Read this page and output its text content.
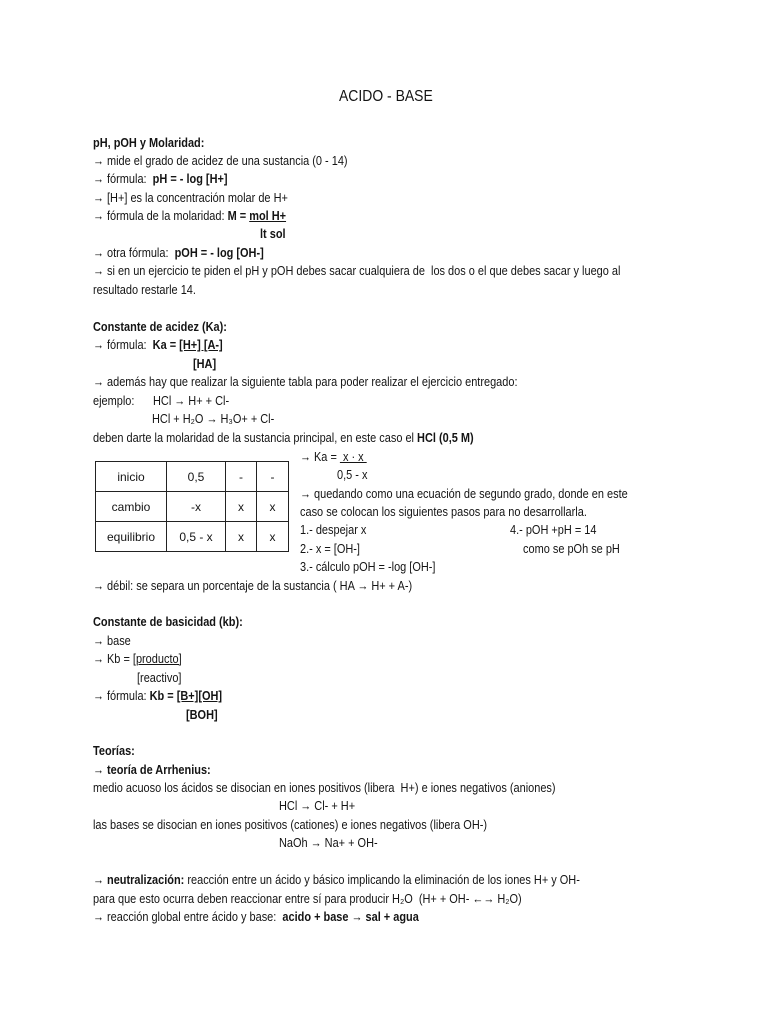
ACIDO - BASE
pH, pOH y Molaridad:
→ mide el grado de acidez de una sustancia (0 - 14)
→ fórmula:  pH = - log [H+]
→ [H+] es la concentración molar de H+
→ fórmula de la molaridad: M = mol H+
lt sol
→ otra fórmula:  pOH = - log [OH-]
→ si en un ejercicio te piden el pH y pOH debes sacar cualquiera de  los dos o el que debes sacar y luego al
resultado restarle 14.
Constante de acidez (Ka):
→ fórmula:  Ka = [H+] [A-]
[HA]
→ además hay que realizar la siguiente tabla para poder realizar el ejercicio entregado:
ejemplo: HCl → H+ + Cl-
HCl + H₂O → H₃O+ + Cl-
deben darte la molaridad de la sustancia principal, en este caso el HCl (0,5 M)
inicio	0,5	-	-
cambio	-x	x	x
equilibrio	0,5 - x	x	x
→ Ka =  x · x
0,5 - x
→ quedando como una ecuación de segundo grado, donde en este
caso se colocan los siguientes pasos para no desarrollarla.
1.- despejar x	4.- pOH +pH = 14
2.- x = [OH-]	como se pOh se pH
3.- cálculo pOH = -log [OH-]
→ débil: se separa un porcentaje de la sustancia ( HA → H+ + A-)
Constante de basicidad (kb):
→ base
→ Kb = [producto]
[reactivo]
→ fórmula: Kb = [B+][OH]
[BOH]
Teorías:
→ teoría de Arrhenius:
medio acuoso los ácidos se disocian en iones positivos (libera  H+) e iones negativos (aniones)
HCl → Cl- + H+
las bases se disocian en iones positivos (cationes) e iones negativos (libera OH-)
NaOh → Na+ + OH-
→ neutralización: reacción entre un ácido y básico implicando la eliminación de los iones H+ y OH-
para que esto ocurra deben reaccionar entre sí para producir H₂O  (H+ + OH- ←→ H₂O)
→ reacción global entre ácido y base:  acido + base → sal + agua
